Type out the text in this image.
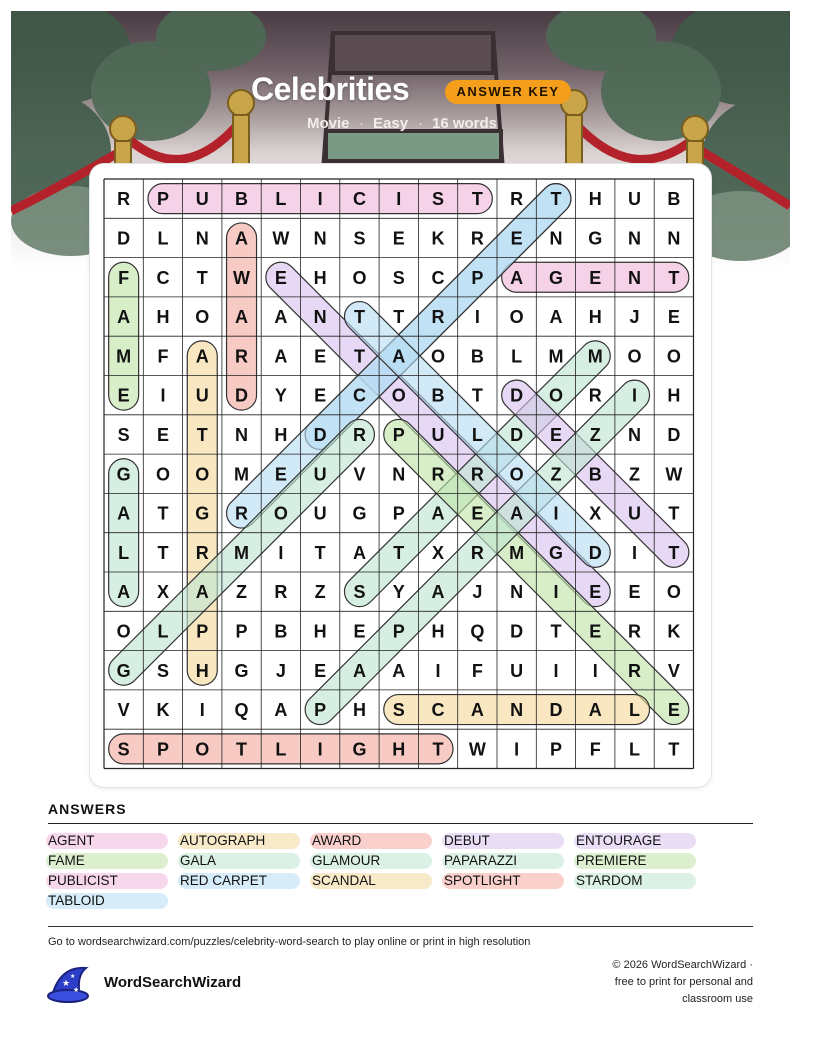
Celebrities	ANSWER KEY
Movie · Easy · 16 words
R P U B L I C I S T R T H U B
D L N A W N S E K R E N G N N
F C T W E H O S C P A G E N T
A H O A A N T T R I O A H J E
M F A R A E T A O B L M M O O
E I U D Y E C O B T D O R I H
S E T N H D R P U L D E Z N D
G O O M E U V N R R O Z B Z W
A T G R O U G P A E A I X U T
L T R M I T A T X R M G D I T
A X A Z R Z S Y A J N I E E O
O L P P B H E P H Q D T E R K
G S H G J E A A I F U I I R V
V K I Q A P H S C A N D A L E
S P O T L I G H T W I P F L T
ANSWERS
AGENT	AUTOGRAPH	AWARD	DEBUT	ENTOURAGE
FAME	GALA	GLAMOUR	PAPARAZZI	PREMIERE
PUBLICIST	RED CARPET	SCANDAL	SPOTLIGHT	STARDOM
TABLOID
Go to wordsearchwizard.com/puzzles/celebrity-word-search to play online or print in high resolution
★
★
★ WordSearchWizard
© 2026 WordSearchWizard ·
free to print for personal and
classroom use
